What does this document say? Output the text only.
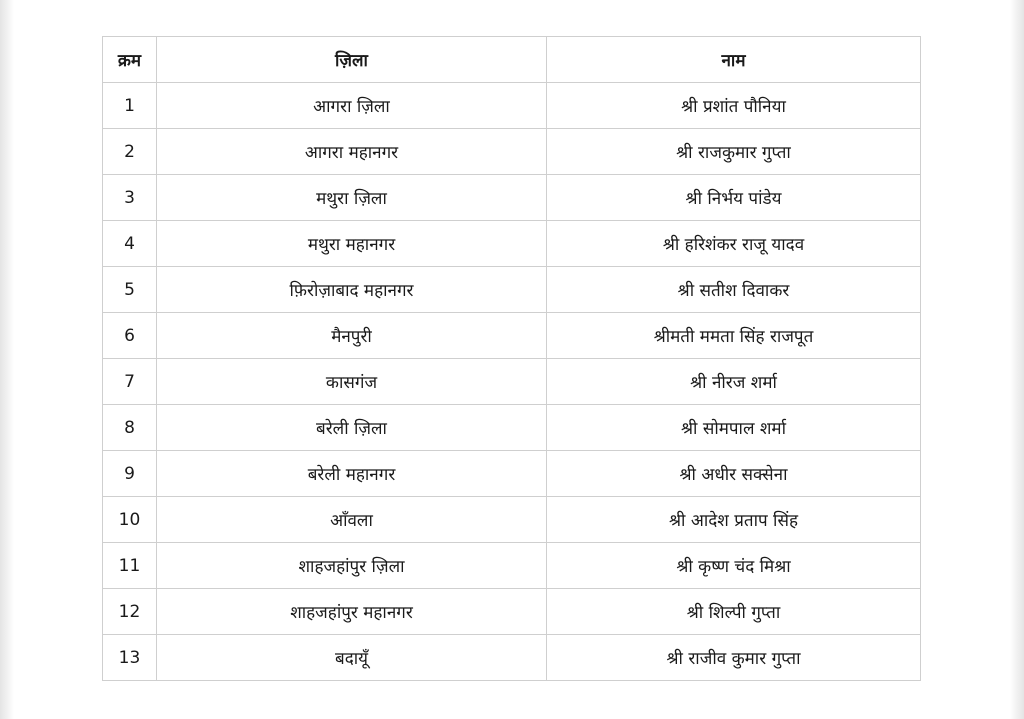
क्रम	ज़िला	नाम
1	आगरा ज़िला	श्री प्रशांत पौनिया
2	आगरा महानगर	श्री राजकुमार गुप्ता
3	मथुरा ज़िला	श्री निर्भय पांडेय
4	मथुरा महानगर	श्री हरिशंकर राजू यादव
5	फ़िरोज़ाबाद महानगर	श्री सतीश दिवाकर
6	मैनपुरी	श्रीमती ममता सिंह राजपूत
7	कासगंज	श्री नीरज शर्मा
8	बरेली ज़िला	श्री सोमपाल शर्मा
9	बरेली महानगर	श्री अधीर सक्सेना
10	आँवला	श्री आदेश प्रताप सिंह
11	शाहजहांपुर ज़िला	श्री कृष्ण चंद मिश्रा
12	शाहजहांपुर महानगर	श्री शिल्पी गुप्ता
13	बदायूँ	श्री राजीव कुमार गुप्ता
